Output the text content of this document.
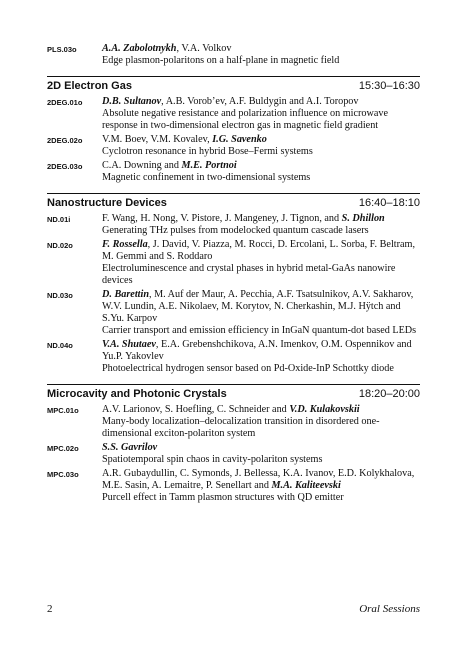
PLS.03o	A.A. Zabolotnykh, V.A. Volkov
Edge plasmon-polaritons on a half-plane in magnetic field
2D Electron Gas	15:30–16:30
2DEG.01o	D.B. Sultanov, A.B. Vorob’ev, A.F. Buldygin and A.I. Toropov
Absolute negative resistance and polarization influence on microwave response in two-dimensional electron gas in magnetic field gradient
2DEG.02o	V.M. Boev, V.M. Kovalev, I.G. Savenko
Cyclotron resonance in hybrid Bose–Fermi systems
2DEG.03o	C.A. Downing and M.E. Portnoi
Magnetic confinement in two-dimensional systems
Nanostructure Devices	16:40–18:10
ND.01i	F. Wang, H. Nong, V. Pistore, J. Mangeney, J. Tignon, and S. Dhillon
Generating THz pulses from modelocked quantum cascade lasers
ND.02o	F. Rossella, J. David, V. Piazza, M. Rocci, D. Ercolani, L. Sorba, F. Beltram, M. Gemmi and S. Roddaro
Electroluminescence and crystal phases in hybrid metal-GaAs nanowire devices
ND.03o	D. Barettin, M. Auf der Maur, A. Pecchia, A.F. Tsatsulnikov, A.V. Sakharov, W.V. Lundin, A.E. Nikolaev, M. Korytov, N. Cherkashin, M.J. Hÿtch and S.Yu. Karpov
Carrier transport and emission efficiency in InGaN quantum-dot based LEDs
ND.04o	V.A. Shutaev, E.A. Grebenshchikova, A.N. Imenkov, O.M. Ospennikov and Yu.P. Yakovlev
Photoelectrical hydrogen sensor based on Pd-Oxide-InP Schottky diode
Microcavity and Photonic Crystals	18:20–20:00
MPC.01o	A.V. Larionov, S. Hoefling, C. Schneider and V.D. Kulakovskii
Many-body localization–delocalization transition in disordered one-dimensional exciton-polariton system
MPC.02o	S.S. Gavrilov
Spatiotemporal spin chaos in cavity-polariton systems
MPC.03o	A.R. Gubaydullin, C. Symonds, J. Bellessa, K.A. Ivanov, E.D. Kolykhalova, M.E. Sasin, A. Lemaitre, P. Senellart and M.A. Kaliteevski
Purcell effect in Tamm plasmon structures with QD emitter
2	Oral Sessions
